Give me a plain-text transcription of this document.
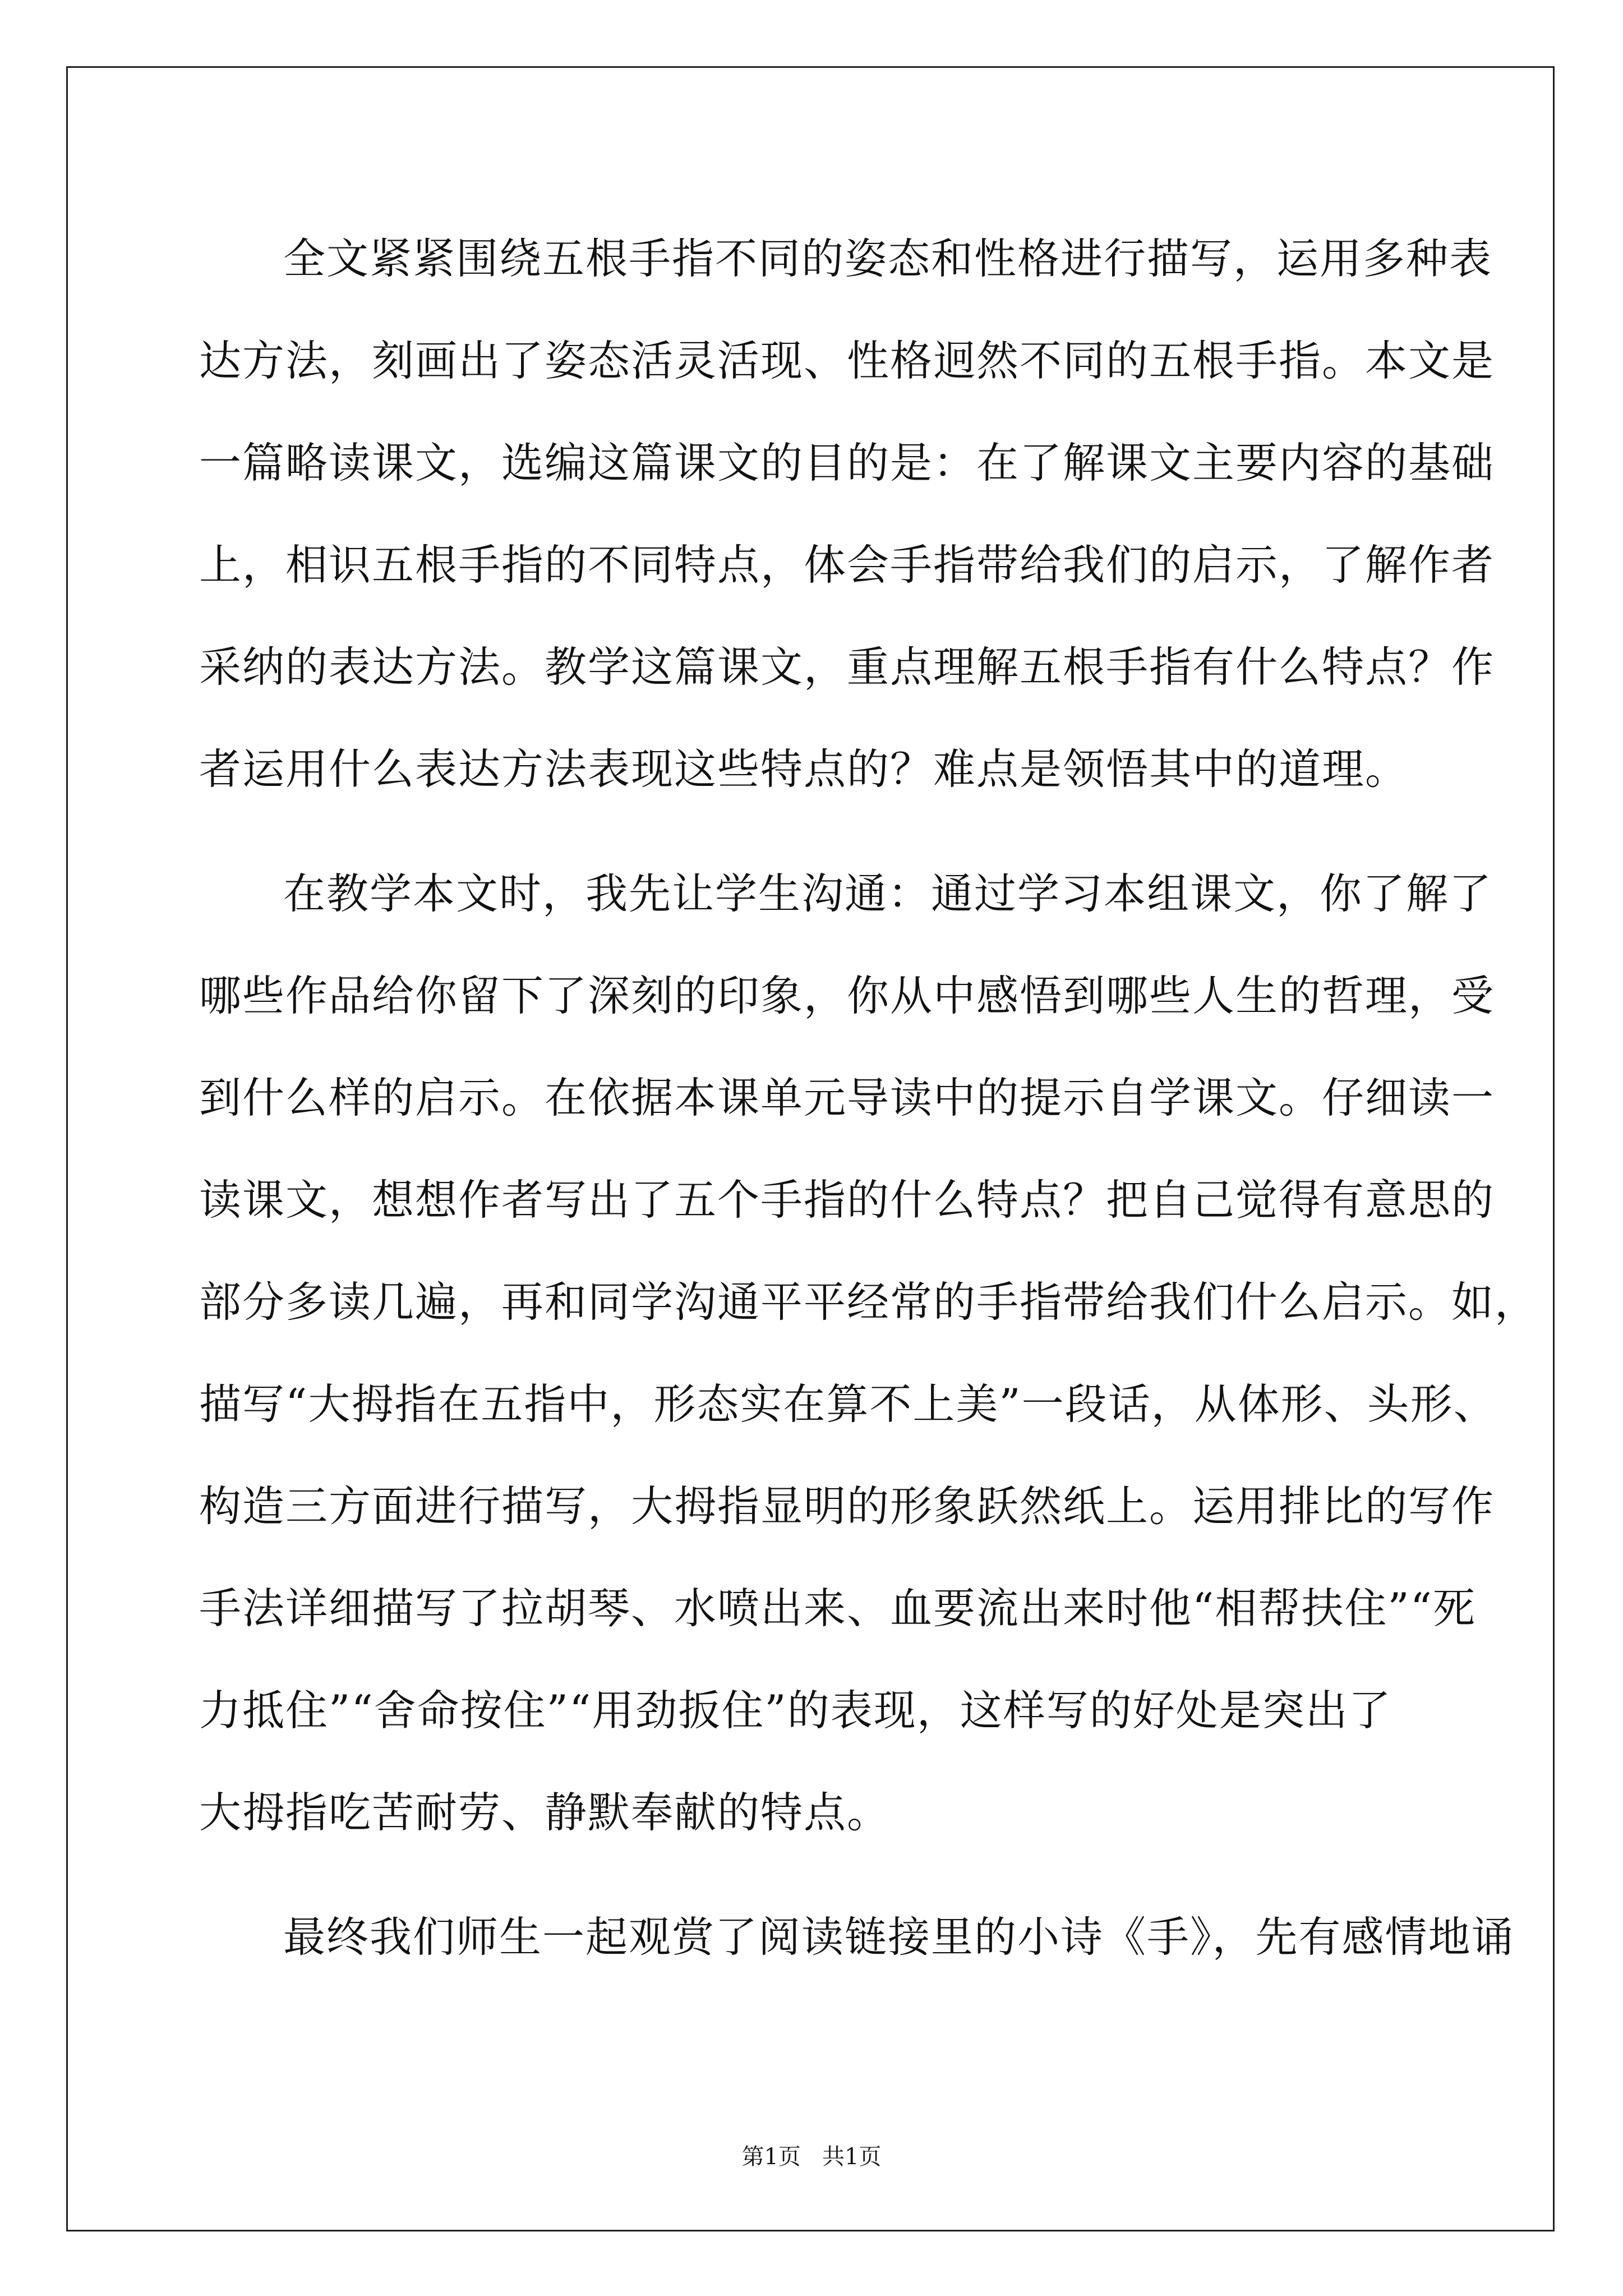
全文紧紧围绕五根手指不同的姿态和性格进行描写，运用多种表
达方法，刻画出了姿态活灵活现、性格迥然不同的五根手指。本文是
一篇略读课文，选编这篇课文的目的是：在了解课文主要内容的基础
上，相识五根手指的不同特点，体会手指带给我们的启示，了解作者
采纳的表达方法。教学这篇课文，重点理解五根手指有什么特点？作
者运用什么表达方法表现这些特点的？难点是领悟其中的道理。
在教学本文时，我先让学生沟通：通过学习本组课文，你了解了
哪些作品给你留下了深刻的印象，你从中感悟到哪些人生的哲理，受
到什么样的启示。在依据本课单元导读中的提示自学课文。仔细读一
读课文，想想作者写出了五个手指的什么特点？把自己觉得有意思的
部分多读几遍，再和同学沟通平平经常的手指带给我们什么启示。如，
描写“大拇指在五指中，形态实在算不上美”一段话，从体形、头形、
构造三方面进行描写，大拇指显明的形象跃然纸上。运用排比的写作
手法详细描写了拉胡琴、水喷出来、血要流出来时他“相帮扶住”“死
力抵住”“舍命按住”“用劲扳住”的表现，这样写的好处是突出了
大拇指吃苦耐劳、静默奉献的特点。
最终我们师生一起观赏了阅读链接里的小诗《手》，先有感情地诵
第1页   共1页
